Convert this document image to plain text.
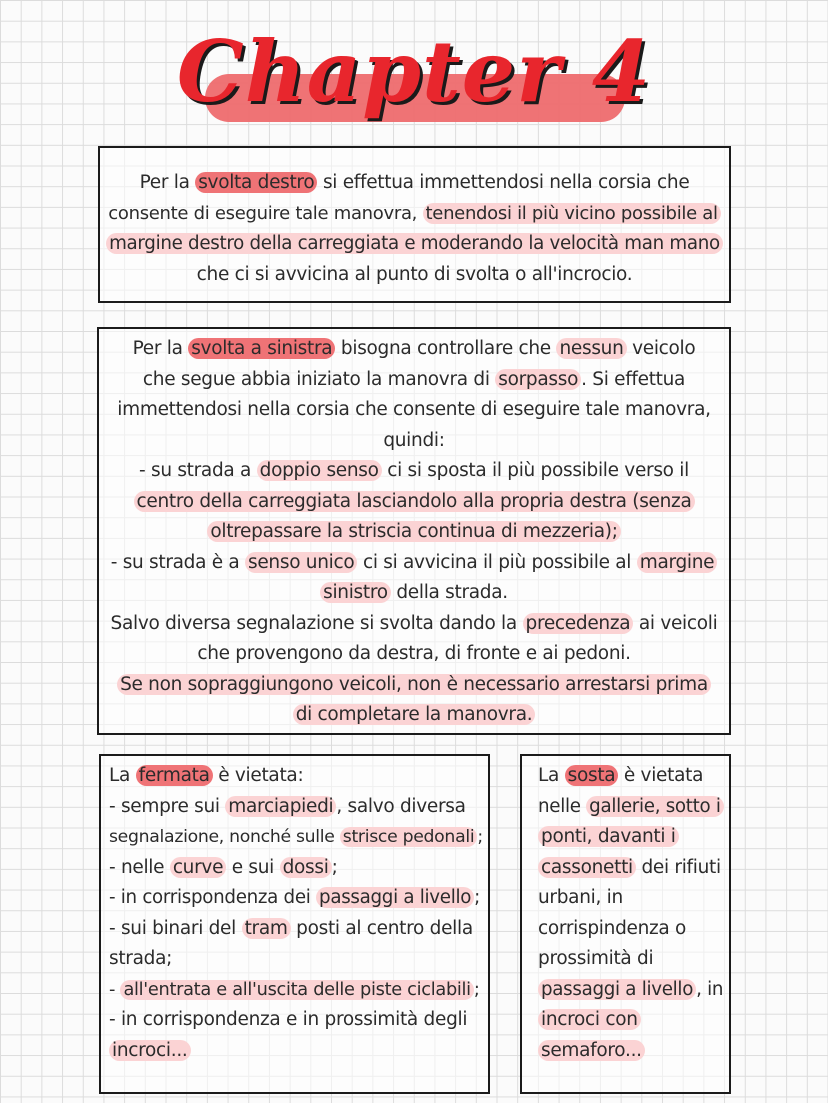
Chapter 4
Per la svolta destro si effettua immettendosi nella corsia che
consente di eseguire tale manovra, tenendosi il più vicino possibile al
margine destro della carreggiata e moderando la velocità man mano
che ci si avvicina al punto di svolta o all'incrocio.
Per la svolta a sinistra bisogna controllare che nessun veicolo
che segue abbia iniziato la manovra di sorpasso . Si effettua
immettendosi nella corsia che consente di eseguire tale manovra,
quindi:
- su strada a doppio senso ci si sposta il più possibile verso il
centro della carreggiata lasciandolo alla propria destra (senza
oltrepassare la striscia continua di mezzeria);
- su strada è a senso unico ci si avvicina il più possibile al margine
sinistro della strada.
Salvo diversa segnalazione si svolta dando la precedenza ai veicoli
che provengono da destra, di fronte e ai pedoni.
Se non sopraggiungono veicoli, non è necessario arrestarsi prima
di completare la manovra.
La fermata è vietata:
- sempre sui marciapiedi , salvo diversa
segnalazione, nonché sulle strisce pedonali ;
- nelle curve e sui dossi ;
- in corrispondenza dei passaggi a livello ;
- sui binari del tram posti al centro della
strada;
- all'entrata e all'uscita delle piste ciclabili ;
- in corrispondenza e in prossimità degli
incroci...
La sosta è vietata
nelle gallerie, sotto i
ponti, davanti i
cassonetti dei rifiuti
urbani, in
corrispindenza o
prossimità di
passaggi a livello , in
incroci con
semaforo...
